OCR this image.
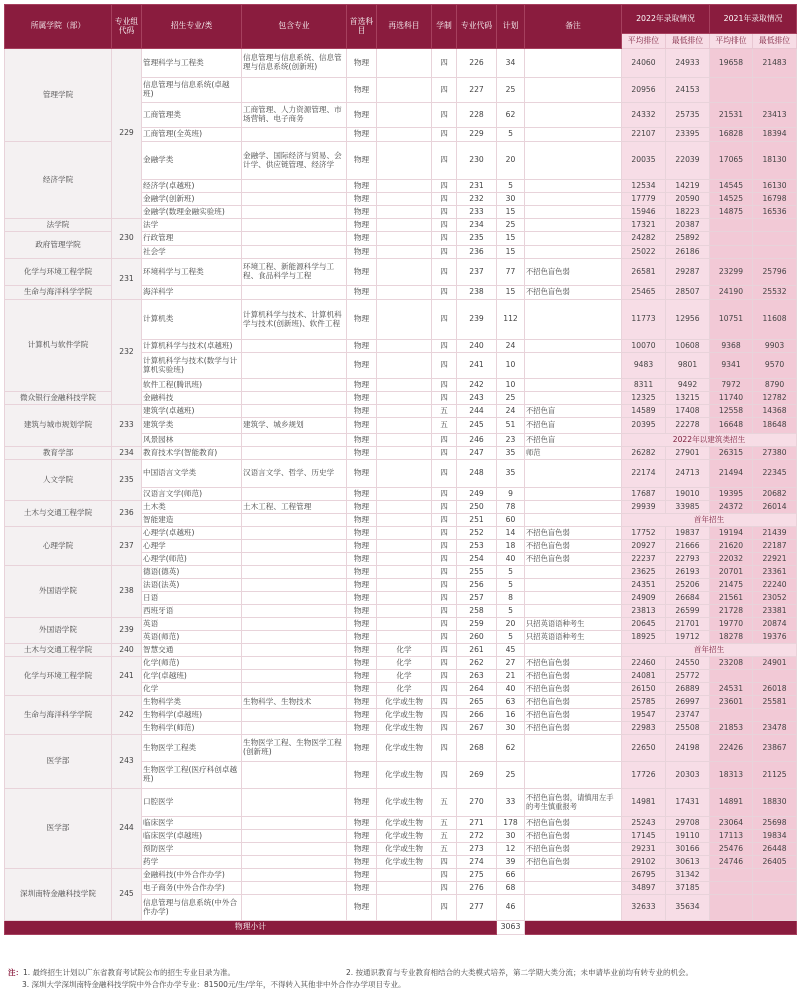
所属学院（部）	专业组代码	招生专业/类	包含专业	首选科目	再选科目	学制	专业代码	计划	备注	2022年录取情况		2021年录取情况	
										平均排位	最低排位	平均排位	最低排位
管理学院	229	管理科学与工程类	信息管理与信息系统、信息管理与信息系统(创新班)	物理		四	226	34		24060	24933	19658	21483
		信息管理与信息系统(卓越班)		物理		四	227	25		20956	24153		
		工商管理类	工商管理、人力资源管理、市场营销、电子商务	物理		四	228	62		24332	25735	21531	23413
		工商管理(全英班)		物理		四	229	5		22107	23395	16828	18394
经济学院		金融学类	金融学、国际经济与贸易、会计学、供应链管理、经济学	物理		四	230	20		20035	22039	17065	18130
		经济学(卓越班)		物理		四	231	5		12534	14219	14545	16130
		金融学(创新班)		物理		四	232	30		17779	20590	14525	16798
		金融学(数理金融实验班)		物理		四	233	15		15946	18223	14875	16536
法学院	230	法学		物理		四	234	25		17321	20387		
政府管理学院		行政管理		物理		四	235	15		24282	25892		
		社会学		物理		四	236	15		25022	26186		
化学与环境工程学院	231	环境科学与工程类	环境工程、新能源科学与工程、食品科学与工程	物理		四	237	77	不招色盲色弱	26581	29287	23299	25796
生命与海洋科学学院		海洋科学		物理		四	238	15	不招色盲色弱	25465	28507	24190	25532
计算机与软件学院	232	计算机类	计算机科学与技术、计算机科学与技术(创新班)、软件工程	物理		四	239	112		11773	12956	10751	11608
		计算机科学与技术(卓越班)		物理		四	240	24		10070	10608	9368	9903
		计算机科学与技术(数学与计算机实验班)		物理		四	241	10		9483	9801	9341	9570
		软件工程(腾讯班)		物理		四	242	10		8311	9492	7972	8790
微众银行金融科技学院		金融科技		物理		四	243	25		12325	13215	11740	12782
建筑与城市规划学院	233	建筑学(卓越班)		物理		五	244	24	不招色盲	14589	17408	12558	14368
		建筑学类	建筑学、城乡规划	物理		五	245	51	不招色盲	20395	22278	16648	18648
		风景园林		物理		四	246	23	不招色盲	2022年以建筑类招生			
教育学部	234	教育技术学(智能教育)		物理		四	247	35	师范	26282	27901	26315	27380
人文学院	235	中国语言文学类	汉语言文学、哲学、历史学	物理		四	248	35		22174	24713	21494	22345
		汉语言文学(师范)		物理		四	249	9		17687	19010	19395	20682
土木与交通工程学院	236	土木类	土木工程、工程管理	物理		四	250	78		29939	33985	24372	26014
		智能建造		物理		四	251	60		首年招生			
心理学院	237	心理学(卓越班)		物理		四	252	14	不招色盲色弱	17752	19837	19194	21439
		心理学		物理		四	253	18	不招色盲色弱	20927	21666	21620	22187
		心理学(师范)		物理		四	254	40	不招色盲色弱	22237	22793	22032	22921
外国语学院	238	德语(德英)		物理		四	255	5		23625	26193	20701	23361
		法语(法英)		物理		四	256	5		24351	25206	21475	22240
		日语		物理		四	257	8		24909	26684	21561	23052
		西班牙语		物理		四	258	5		23813	26599	21728	23381
外国语学院	239	英语		物理		四	259	20	只招英语语种考生	20645	21701	19770	20874
		英语(师范)		物理		四	260	5	只招英语语种考生	18925	19712	18278	19376
土木与交通工程学院	240	智慧交通		物理	化学	四	261	45		首年招生			
化学与环境工程学院	241	化学(师范)		物理	化学	四	262	27	不招色盲色弱	22460	24550	23208	24901
		化学(卓越班)		物理	化学	四	263	21	不招色盲色弱	24081	25772		
		化学		物理	化学	四	264	40	不招色盲色弱	26150	26889	24531	26018
生命与海洋科学学院	242	生物科学类	生物科学、生物技术	物理	化学或生物	四	265	63	不招色盲色弱	25785	26997	23601	25581
		生物科学(卓越班)		物理	化学或生物	四	266	16	不招色盲色弱	19547	23747		
		生物科学(师范)		物理	化学或生物	四	267	30	不招色盲色弱	22983	25508	21853	23478
医学部	243	生物医学工程类	生物医学工程、生物医学工程(创新班)	物理	化学或生物	四	268	62		22650	24198	22426	23867
		生物医学工程(医疗科创卓越班)		物理	化学或生物	四	269	25		17726	20303	18313	21125
医学部	244	口腔医学		物理	化学或生物	五	270	33	不招色盲色弱，请慎用左手的考生慎重报考	14981	17431	14891	18830
		临床医学		物理	化学或生物	五	271	178	不招色盲色弱	25243	29708	23064	25698
		临床医学(卓越班)		物理	化学或生物	五	272	30	不招色盲色弱	17145	19110	17113	19834
		预防医学		物理	化学或生物	五	273	12	不招色盲色弱	29231	30166	25476	26448
		药学		物理	化学或生物	四	274	39	不招色盲色弱	29102	30613	24746	26405
深圳南特金融科技学院	245	金融科技(中外合作办学)		物理		四	275	66		26795	31342		
		电子商务(中外合作办学)		物理		四	276	68		34897	37185		
		信息管理与信息系统(中外合作办学)		物理		四	277	46		32633	35634		
物理小计								3063					
注：1. 最终招生计划以广东省教育考试院公布的招生专业目录为准。	2. 按通识教育与专业教育相结合的大类模式培养，第二学期大类分流；未申请毕业前均有转专业的机会。
3. 深圳大学深圳南特金融科技学院中外合作办学专业：81500元/生/学年，不得转入其他非中外合作办学项目专业。
